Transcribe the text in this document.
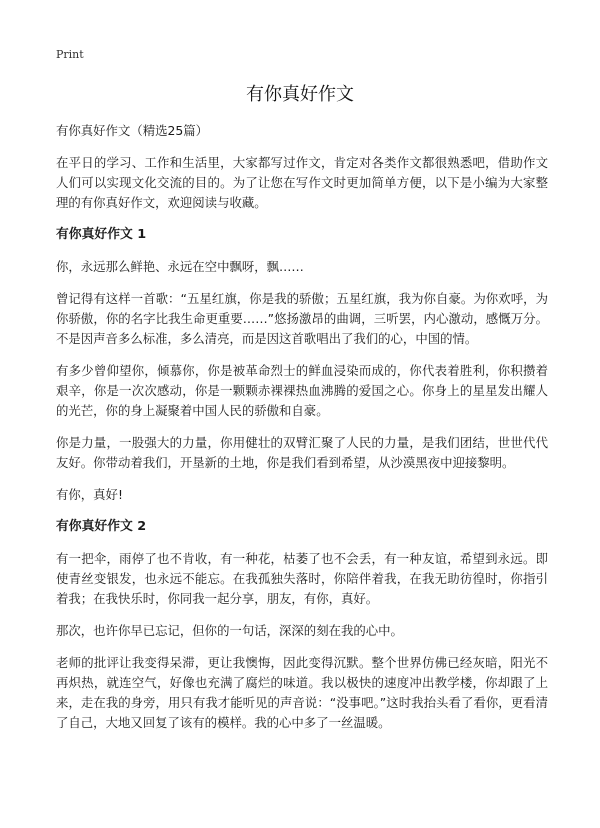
Print
有你真好作文

有你真好作文（精选25篇）

在平日的学习、工作和生活里，大家都写过作文，肯定对各类作文都很熟悉吧，借助作文人们可以实现文化交流的目的。为了让您在写作文时更加简单方便，以下是小编为大家整理的有你真好作文，欢迎阅读与收藏。

有你真好作文 1

你，永远那么鲜艳、永远在空中飘呀，飘……

曾记得有这样一首歌：“五星红旗，你是我的骄傲；五星红旗，我为你自豪。为你欢呼，为你骄傲，你的名字比我生命更重要……”悠扬激昂的曲调，三听罢，内心激动，感慨万分。不是因声音多么标准，多么清亮，而是因这首歌唱出了我们的心，中国的情。

有多少曾仰望你，倾慕你，你是被革命烈士的鲜血浸染而成的，你代表着胜利，你积攒着艰辛，你是一次次感动，你是一颗颗赤裸裸热血沸腾的爱国之心。你身上的星星发出耀人的光芒，你的身上凝聚着中国人民的骄傲和自豪。

你是力量，一股强大的力量，你用健壮的双臂汇聚了人民的力量，是我们团结，世世代代友好。你带动着我们，开垦新的土地，你是我们看到希望，从沙漠黑夜中迎接黎明。

有你，真好!

有你真好作文 2

有一把伞，雨停了也不肯收，有一种花，枯萎了也不会丢，有一种友谊，希望到永远。即使青丝变银发，也永远不能忘。在我孤独失落时，你陪伴着我，在我无助彷徨时，你指引着我；在我快乐时，你同我一起分享，朋友，有你，真好。

那次，也许你早已忘记，但你的一句话，深深的刻在我的心中。

老师的批评让我变得呆滞，更让我懊悔，因此变得沉默。整个世界仿佛已经灰暗，阳光不再炽热，就连空气，好像也充满了腐烂的味道。我以极快的速度冲出教学楼，你却跟了上来，走在我的身旁，用只有我才能听见的声音说：“没事吧。”这时我抬头看了看你，更看清了自己，大地又回复了该有的模样。我的心中多了一丝温暖。
